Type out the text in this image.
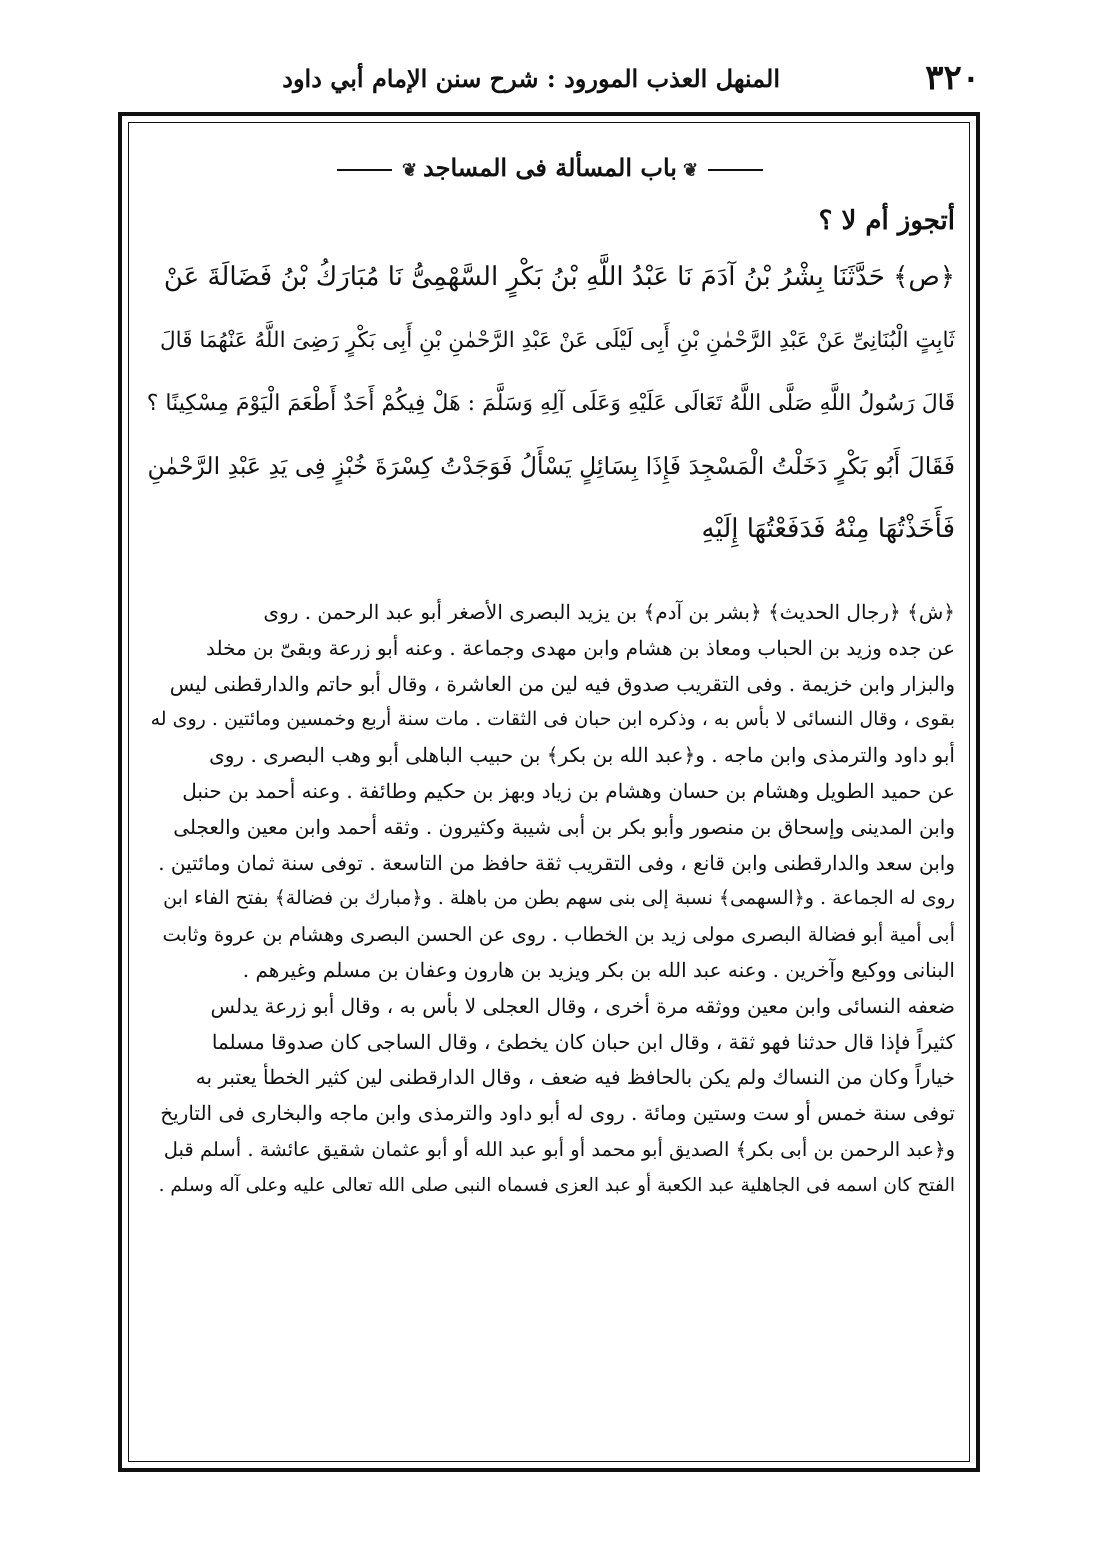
٣٢٠
المنهل العذب المورود : شرح سنن الإمام أبي داود
❦باب المسألة فى المساجد❦
أتجوز أم لا ؟

﴿ص﴾ حَدَّثَنَا بِشْرُ بْنُ آدَمَ نَا عَبْدُ اللَّهِ بْنُ بَكْرٍ السَّهْمِىُّ نَا مُبَارَكُ بْنُ فَضَالَةَ عَنْ

ثَابِتٍ الْبُنَانِىِّ عَنْ عَبْدِ الرَّحْمٰنِ بْنِ أَبِى لَيْلَى عَنْ عَبْدِ الرَّحْمٰنِ بْنِ أَبِى بَكْرٍ رَضِىَ اللَّهُ عَنْهُمَا قَالَ

قَالَ رَسُولُ اللَّهِ صَلَّى اللَّهُ تَعَالَى عَلَيْهِ وَعَلَى آلِهِ وَسَلَّمَ : هَلْ فِيكُمْ أَحَدٌ أَطْعَمَ الْيَوْمَ مِسْكِينًا ؟

فَقَالَ أَبُو بَكْرٍ دَخَلْتُ الْمَسْجِدَ فَإِذَا بِسَائِلٍ يَسْأَلُ فَوَجَدْتُ كِسْرَةَ خُبْزٍ فِى يَدِ عَبْدِ الرَّحْمٰنِ

فَأَخَذْتُهَا مِنْهُ فَدَفَعْتُهَا إِلَيْهِ

﴿ش﴾ ﴿رجال الحديث﴾ ﴿بشر بن آدم﴾ بن يزيد البصرى الأصغر أبو عبد الرحمن . روى

عن جده وزيد بن الحباب ومعاذ بن هشام وابن مهدى وجماعة . وعنه أبو زرعة وبقىّ بن مخلد

والبزار وابن خزيمة . وفى التقريب صدوق فيه لين من العاشرة ، وقال أبو حاتم والدارقطنى ليس

بقوى ، وقال النسائى لا بأس به ، وذكره ابن حبان فى الثقات . مات سنة أربع وخمسين ومائتين . روى له

أبو داود والترمذى وابن ماجه . و﴿عبد الله بن بكر﴾ بن حبيب الباهلى أبو وهب البصرى . روى

عن حميد الطويل وهشام بن حسان وهشام بن زياد وبهز بن حكيم وطائفة . وعنه أحمد بن حنبل

وابن المدينى وإسحاق بن منصور وأبو بكر بن أبى شيبة وكثيرون . وثقه أحمد وابن معين والعجلى

وابن سعد والدارقطنى وابن قانع ، وفى التقريب ثقة حافظ من التاسعة . توفى سنة ثمان ومائتين .

روى له الجماعة . و﴿السهمى﴾ نسبة إلى بنى سهم بطن من باهلة . و﴿مبارك بن فضالة﴾ بفتح الفاء ابن

أبى أمية أبو فضالة البصرى مولى زيد بن الخطاب . روى عن الحسن البصرى وهشام بن عروة وثابت

البنانى ووكيع وآخرين . وعنه عبد الله بن بكر ويزيد بن هارون وعفان بن مسلم وغيرهم .

ضعفه النسائى وابن معين ووثقه مرة أخرى ، وقال العجلى لا بأس به ، وقال أبو زرعة يدلس

كثيراً فإذا قال حدثنا فهو ثقة ، وقال ابن حبان كان يخطئ ، وقال الساجى كان صدوقا مسلما

خياراً وكان من النساك ولم يكن بالحافظ فيه ضعف ، وقال الدارقطنى لين كثير الخطأ يعتبر به

توفى سنة خمس أو ست وستين ومائة . روى له أبو داود والترمذى وابن ماجه والبخارى فى التاريخ

و﴿عبد الرحمن بن أبى بكر﴾ الصديق أبو محمد أو أبو عبد الله أو أبو عثمان شقيق عائشة . أسلم قبل

الفتح كان اسمه فى الجاهلية عبد الكعبة أو عبد العزى فسماه النبى صلى الله تعالى عليه وعلى آله وسلم .
